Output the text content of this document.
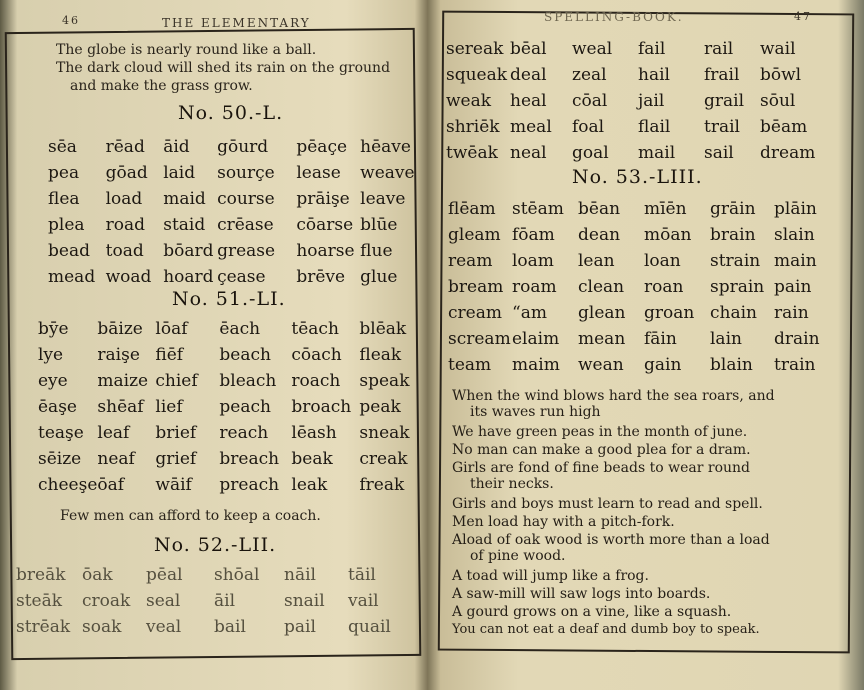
46	THE ELEMENTARY
The globe is nearly round like a ball.
The dark cloud will shed its rain on the ground
and make the grass grow.
No. 50.-L.
sēa	rēad	āid	gōurd	pēaçe	hēave
pea	gōad	laid	sourçe	lease	weave
flea	load	maid	course	prāişe	leave
plea	road	staid	crēase	cōarse	blūe
bead	toad	bōard	grease	hoarse	flue
mead	woad	hoard	çease	brēve	glue
No. 51.-LI.
bȳe	bāize	lōaf	ēach	tēach	blēak
lye	raişe	fiēf	beach	cōach	fleak
eye	maize	chief	bleach	roach	speak
ēaşe	shēaf	lief	peach	broach	peak
teaşe	leaf	brief	reach	lēash	sneak
sēize	neaf	grief	breach	beak	creak
cheeşe	ōaf	wāif	preach	leak	freak
Few men can afford to keep a coach.
No. 52.-LII.
breāk	ōak	pēal	shōal	nāil	tāil
steāk	croak	seal	āil	snail	vail
strēak	soak	veal	bail	pail	quail
SPELLING-BOOK.	47
sereak	bēal	weal	fail	rail	wail
squeak	deal	zeal	hail	frail	bōwl
weak	heal	cōal	jail	grail	sōul
shriēk	meal	foal	flail	trail	bēam
twēak	neal	goal	mail	sail	dream
No. 53.-LIII.
flēam	stēam	bēan	mīēn	grāin	plāin
gleam	fōam	dean	mōan	brain	slain
ream	loam	lean	loan	strain	main
bream	roam	clean	roan	sprain	pain
cream	“am	glean	groan	chain	rain
scream	elaim	mean	fāin	lain	drain
team	maim	wean	gain	blain	train
When the wind blows hard the sea roars, and
its waves run high
We have green peas in the month of june.
No man can make a good plea for a dram.
Girls are fond of fine beads to wear round
their necks.
Girls and boys must learn to read and spell.
Men load hay with a pitch-fork.
Aload of oak wood is worth more than a load
of pine wood.
A toad will jump like a frog.
A saw-mill will saw logs into boards.
A gourd grows on a vine, like a squash.
You can not eat a deaf and dumb boy to speak.
